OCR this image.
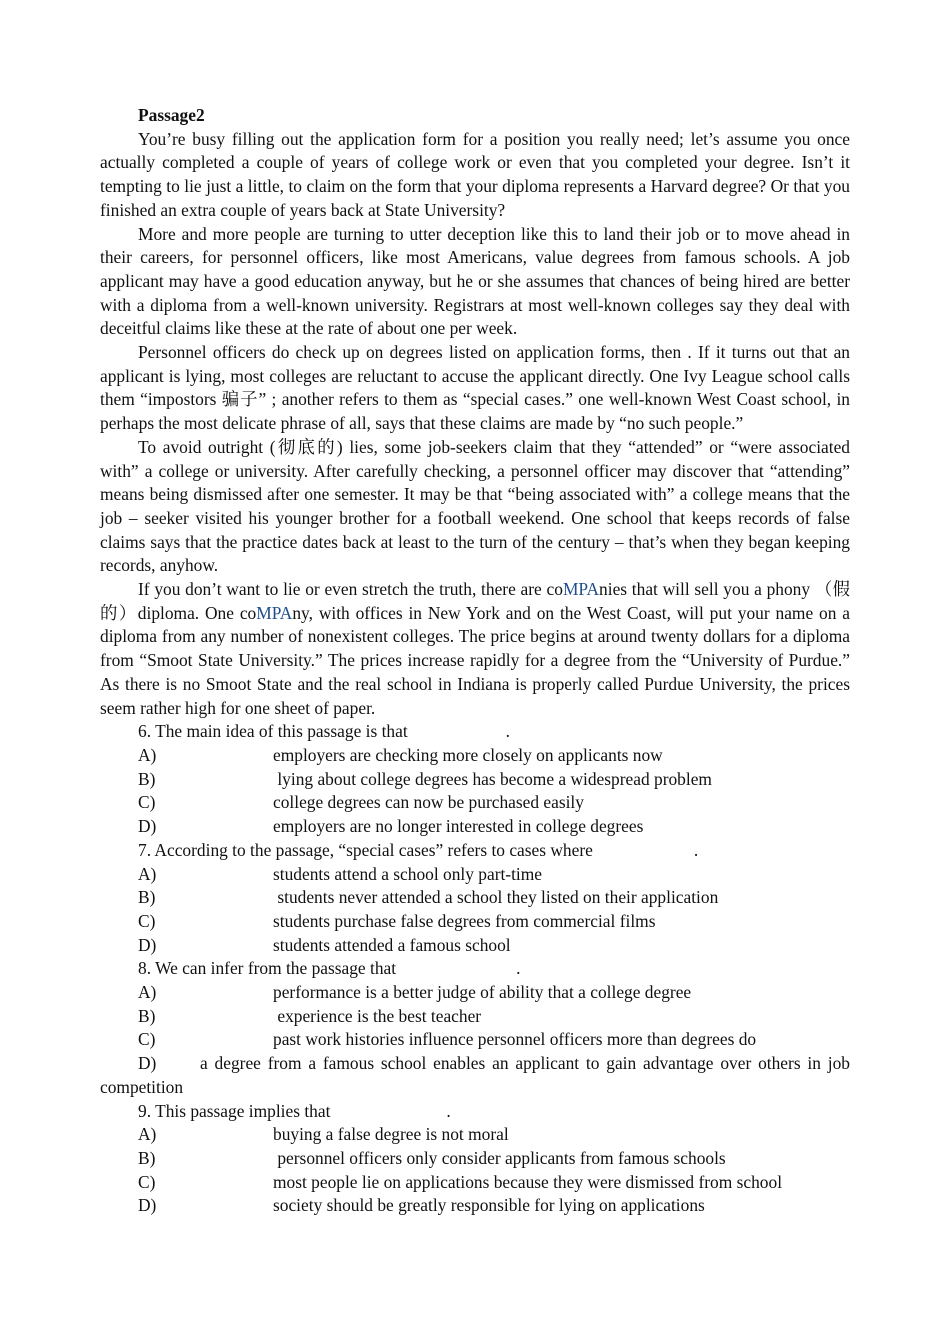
Passage2

You’re busy filling out the application form for a position you really need; let’s assume you once actually completed a couple of years of college work or even that you completed your degree. Isn’t it tempting to lie just a little, to claim on the form that your diploma represents a Harvard degree? Or that you finished an extra couple of years back at State University?

More and more people are turning to utter deception like this to land their job or to move ahead in their careers, for personnel officers, like most Americans, value degrees from famous schools. A job applicant may have a good education anyway, but he or she assumes that chances of being hired are better with a diploma from a well-known university. Registrars at most well-known colleges say they deal with deceitful claims like these at the rate of about one per week.

Personnel officers do check up on degrees listed on application forms, then . If it turns out that an applicant is lying, most colleges are reluctant to accuse the applicant directly. One Ivy League school calls them “impostors 骗子” ; another refers to them as “special cases.” one well-known West Coast school, in perhaps the most delicate phrase of all, says that these claims are made by “no such people.”

To avoid outright (彻底的) lies, some job-seekers claim that they “attended” or “were associated with” a college or university. After carefully checking, a personnel officer may discover that “attending” means being dismissed after one semester. It may be that “being associated with” a college means that the job – seeker visited his younger brother for a football weekend. One school that keeps records of false claims says that the practice dates back at least to the turn of the century – that’s when they began keeping records, anyhow.

If you don’t want to lie or even stretch the truth, there are coMPAnies that will sell you a phony （假的）diploma. One coMPAny, with offices in New York and on the West Coast, will put your name on a diploma from any number of nonexistent colleges. The price begins at around twenty dollars for a diploma from “Smoot State University.” The prices increase rapidly for a degree from the “University of Purdue.” As there is no Smoot State and the real school in Indiana is properly called Purdue University, the prices seem rather high for one sheet of paper.

6. The main idea of this passage is that	.
A)	employers are checking more closely on applicants now
B)	lying about college degrees has become a widespread problem
C)	college degrees can now be purchased easily
D)	employers are no longer interested in college degrees
7. According to the passage, “special cases” refers to cases where	.
A)	students attend a school only part-time
B)	students never attended a school they listed on their application
C)	students purchase false degrees from commercial films
D)	students attended a famous school
8. We can infer from the passage that	.
A)	performance is a better judge of ability that a college degree
B)	experience is the best teacher
C)	past work histories influence personnel officers more than degrees do
D)	a degree from a famous school enables an applicant to gain advantage over others in job competition
9. This passage implies that	.
A)	buying a false degree is not moral
B)	personnel officers only consider applicants from famous schools
C)	most people lie on applications because they were dismissed from school
D)	society should be greatly responsible for lying on applications
